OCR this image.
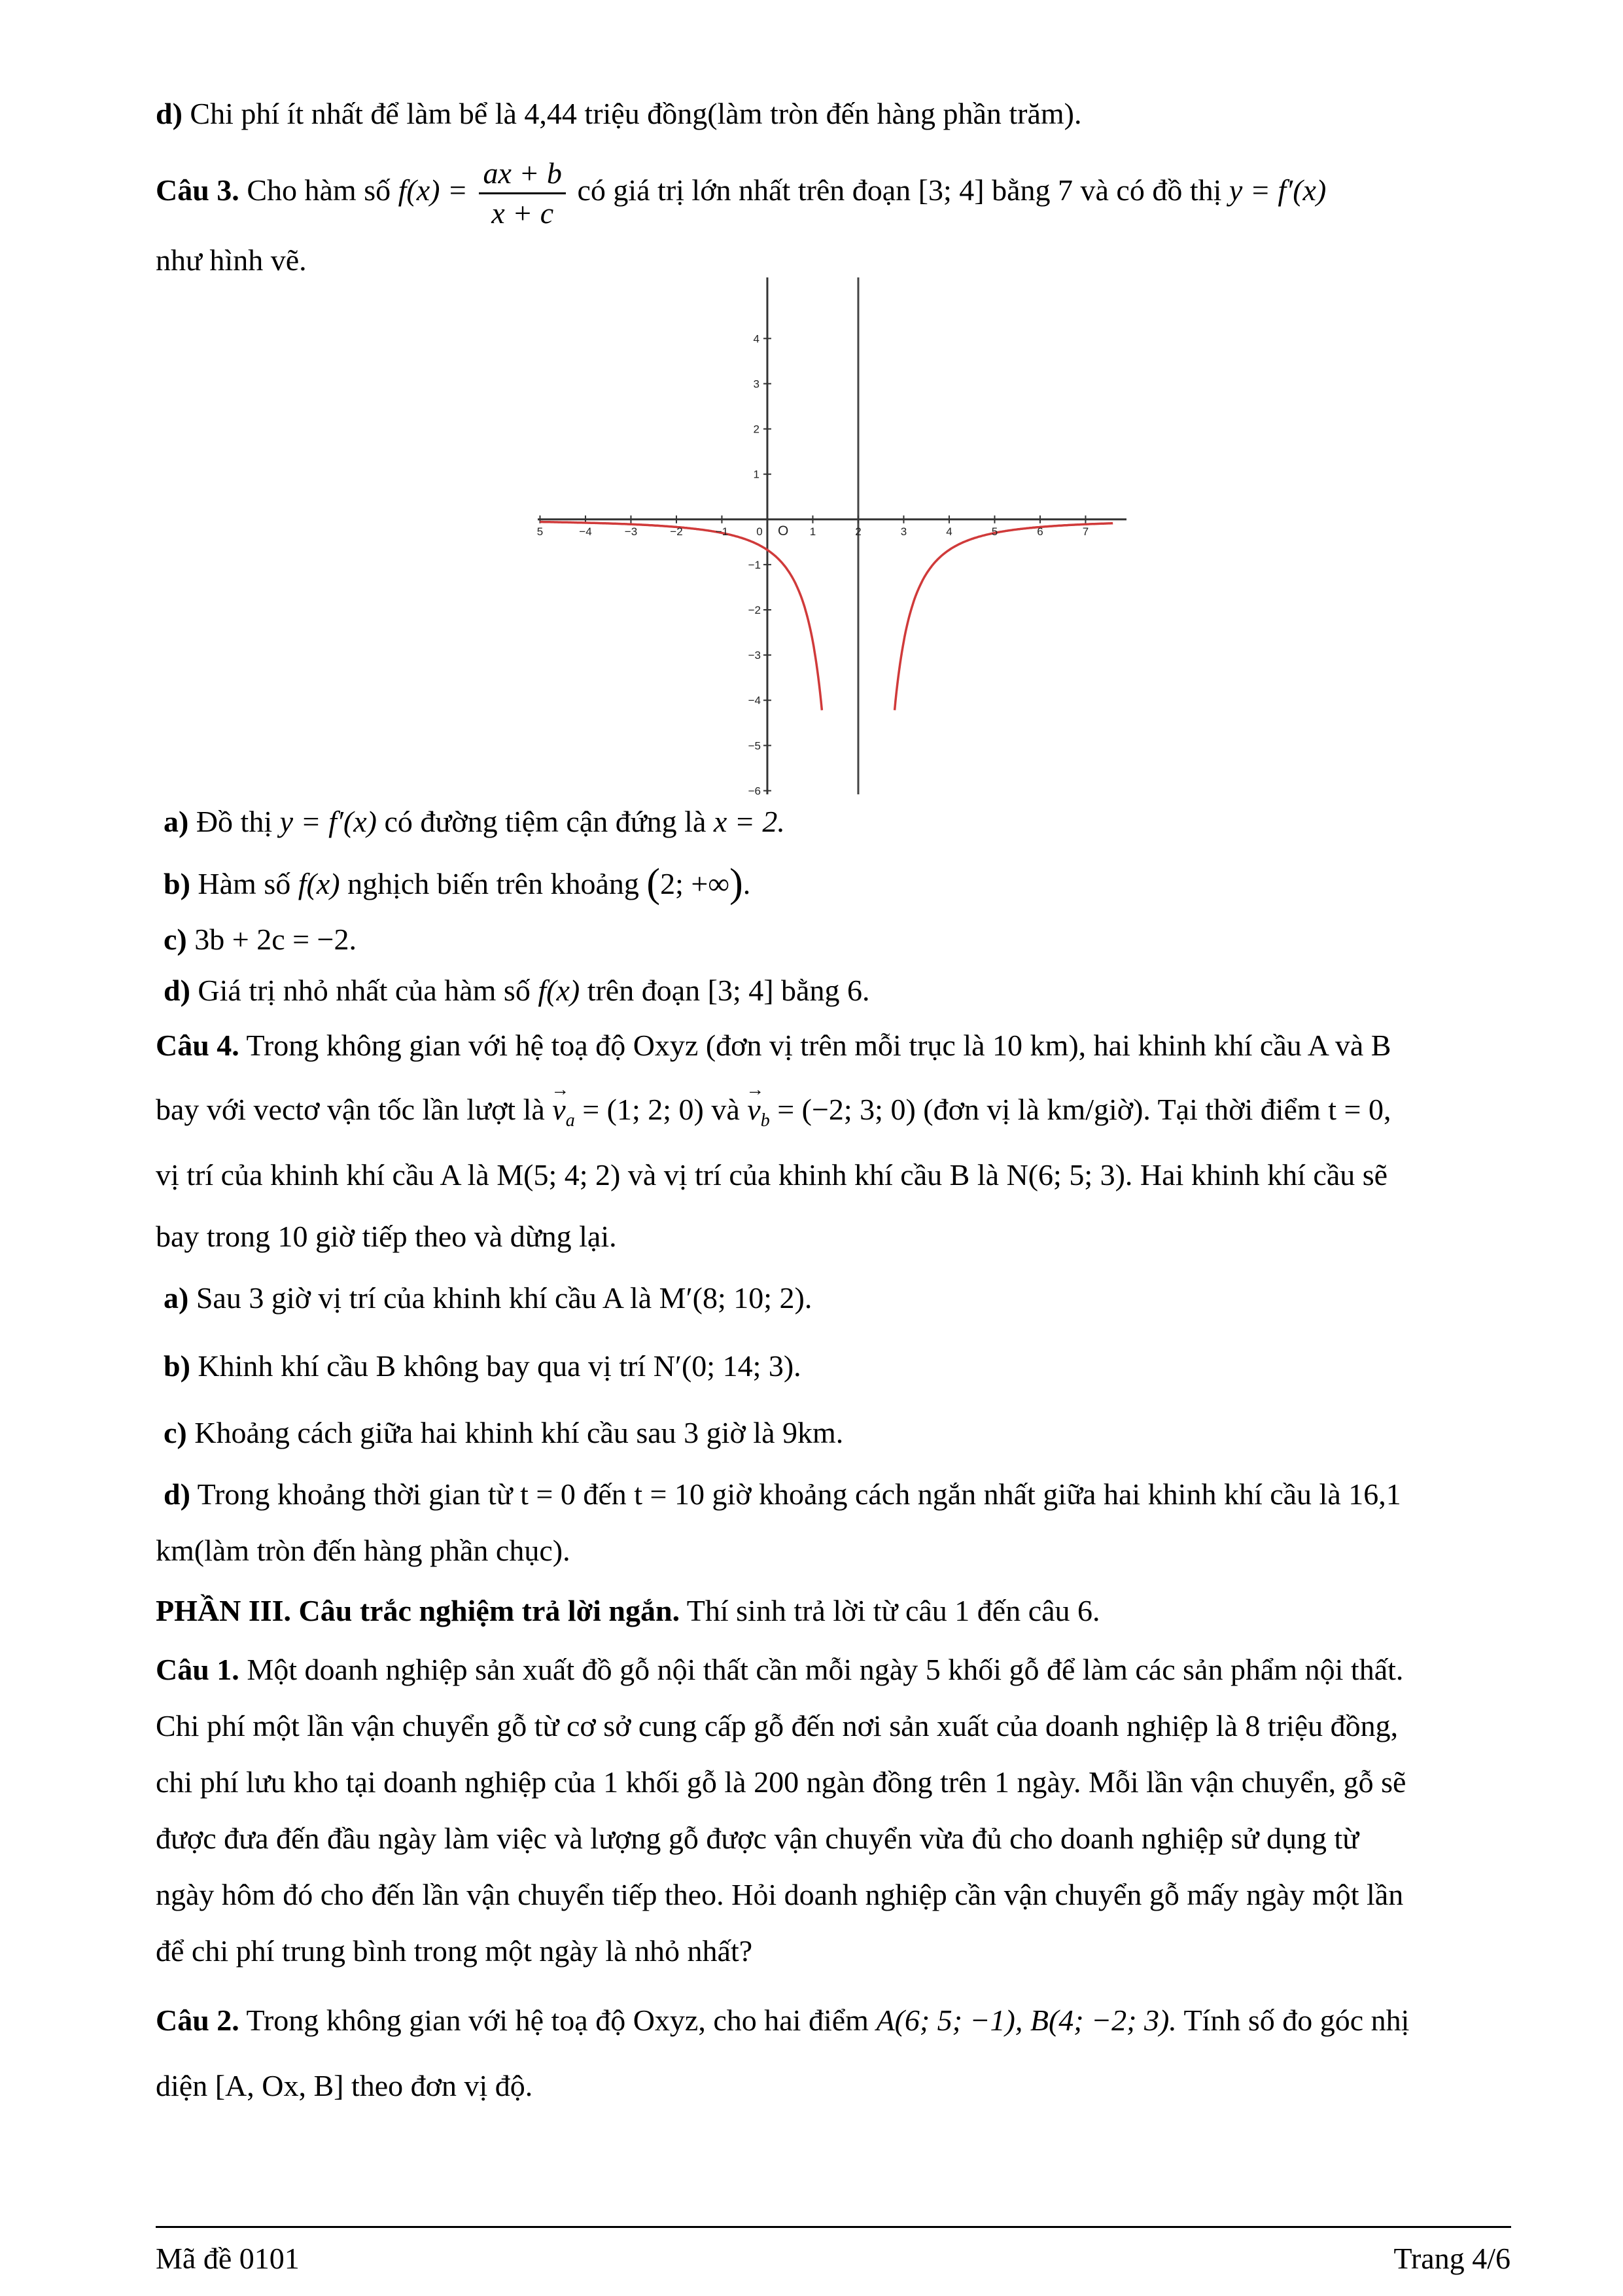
d) Chi phí ít nhất để làm bể là 4,44 triệu đồng(làm tròn đến hàng phần trăm).
Câu 3. Cho hàm số $f(x) = \frac{ax + b}{x + c}$ có giá trị lớn nhất trên đoạn [3; 4] bằng 7 và có đồ thị y = f′(x)
như hình vẽ.
5	−4	−3	−2	−1	0	1	2	3	4	5	6	7
O
4
3
2
1
−1
−2
−3
−4
−5
−6
a) Đồ thị y = f′(x) có đường tiệm cận đứng là x = 2.
b) Hàm số f(x) nghịch biến trên khoảng (2; +∞).
c) 3b + 2c = −2.
d) Giá trị nhỏ nhất của hàm số f(x) trên đoạn [3; 4] bằng 6.
Câu 4. Trong không gian với hệ toạ độ Oxyz (đơn vị trên mỗi trục là 10 km), hai khinh khí cầu A và B
bay với vectơ vận tốc lần lượt là → $v_a = (1$; 2; 0) và → $v_b = (-2$; 3; 0) (đơn vị là km/giờ). Tại thời điểm t = 0,
vị trí của khinh khí cầu A là M(5; 4; 2) và vị trí của khinh khí cầu B là N(6; 5; 3). Hai khinh khí cầu sẽ
bay trong 10 giờ tiếp theo và dừng lại.
a) Sau 3 giờ vị trí của khinh khí cầu A là M′(8; 10; 2).
b) Khinh khí cầu B không bay qua vị trí N′(0; 14; 3).
c) Khoảng cách giữa hai khinh khí cầu sau 3 giờ là 9km.
d) Trong khoảng thời gian từ t = 0 đến t = 10 giờ khoảng cách ngắn nhất giữa hai khinh khí cầu là 16,1
km(làm tròn đến hàng phần chục).
PHẦN III. Câu trắc nghiệm trả lời ngắn. Thí sinh trả lời từ câu 1 đến câu 6.
Câu 1. Một doanh nghiệp sản xuất đồ gỗ nội thất cần mỗi ngày 5 khối gỗ để làm các sản phẩm nội thất.
Chi phí một lần vận chuyển gỗ từ cơ sở cung cấp gỗ đến nơi sản xuất của doanh nghiệp là 8 triệu đồng,
chi phí lưu kho tại doanh nghiệp của 1 khối gỗ là 200 ngàn đồng trên 1 ngày. Mỗi lần vận chuyển, gỗ sẽ
được đưa đến đầu ngày làm việc và lượng gỗ được vận chuyển vừa đủ cho doanh nghiệp sử dụng từ
ngày hôm đó cho đến lần vận chuyển tiếp theo. Hỏi doanh nghiệp cần vận chuyển gỗ mấy ngày một lần
để chi phí trung bình trong một ngày là nhỏ nhất?
Câu 2. Trong không gian với hệ toạ độ Oxyz, cho hai điểm A(6; 5; −1), B(4; −2; 3). Tính số đo góc nhị
diện [A, Ox, B] theo đơn vị độ.
Mã đề 0101	Trang 4/6
